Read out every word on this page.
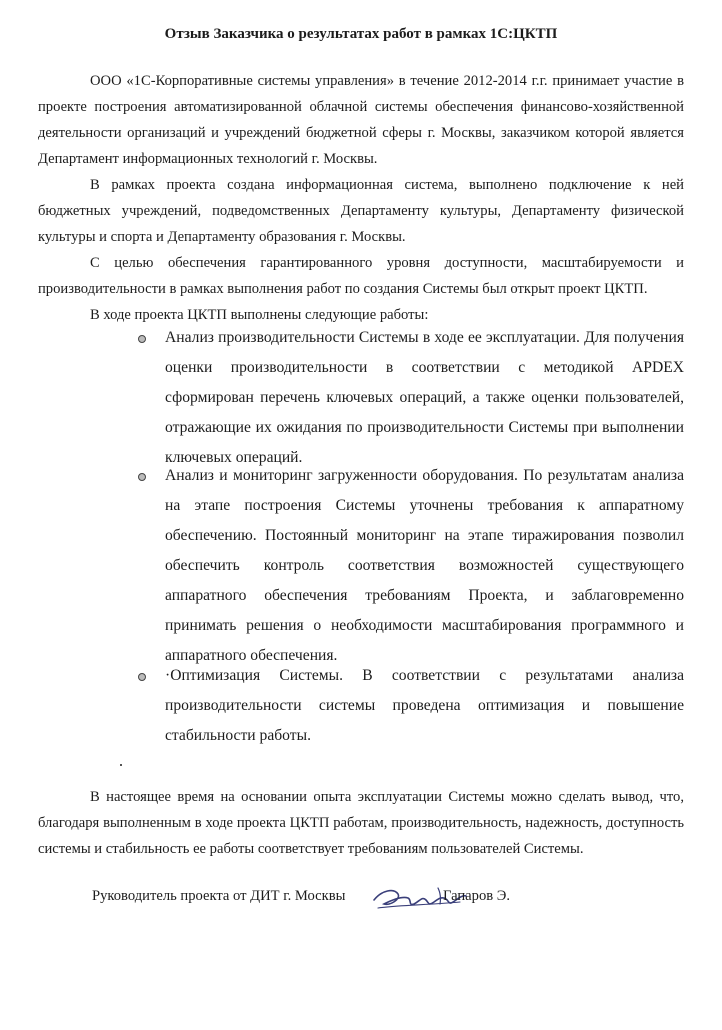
Отзыв Заказчика о результатах работ в рамках 1С:ЦКТП
ООО «1С-Корпоративные системы управления» в течение 2012-2014 г.г. принимает участие в проекте построения автоматизированной облачной системы обеспечения финансово-хозяйственной деятельности организаций и учреждений бюджетной сферы г. Москвы, заказчиком которой является Департамент информационных технологий г. Москвы.
В рамках проекта создана информационная система, выполнено подключение к ней бюджетных учреждений, подведомственных Департаменту культуры, Департаменту физической культуры и спорта и Департаменту образования г. Москвы.
С целью обеспечения гарантированного уровня доступности, масштабируемости и производительности в рамках выполнения работ по создания Системы был открыт проект ЦКТП.
В ходе проекта ЦКТП выполнены следующие работы:
Анализ производительности Системы в ходе ее эксплуатации. Для получения оценки производительности в соответствии с методикой APDEX сформирован перечень ключевых операций, а также оценки пользователей, отражающие их ожидания по производительности Системы при выполнении ключевых операций.
Анализ и мониторинг загруженности оборудования. По результатам анализа на этапе построения Системы уточнены требования к аппаратному обеспечению. Постоянный мониторинг на этапе тиражирования позволил обеспечить контроль соответствия возможностей существующего аппаратного обеспечения требованиям Проекта, и заблаговременно принимать решения о необходимости масштабирования программного и аппаратного обеспечения.
·Оптимизация Системы. В соответствии с результатами анализа производительности системы проведена оптимизация и повышение стабильности работы.
В настоящее время на основании опыта эксплуатации Системы можно сделать вывод, что, благодаря выполненным в ходе проекта ЦКТП работам, производительность, надежность, доступность системы и стабильность ее работы соответствует требованиям пользователей Системы.
Руководитель проекта от ДИТ г. Москвы	Гапаров Э.
